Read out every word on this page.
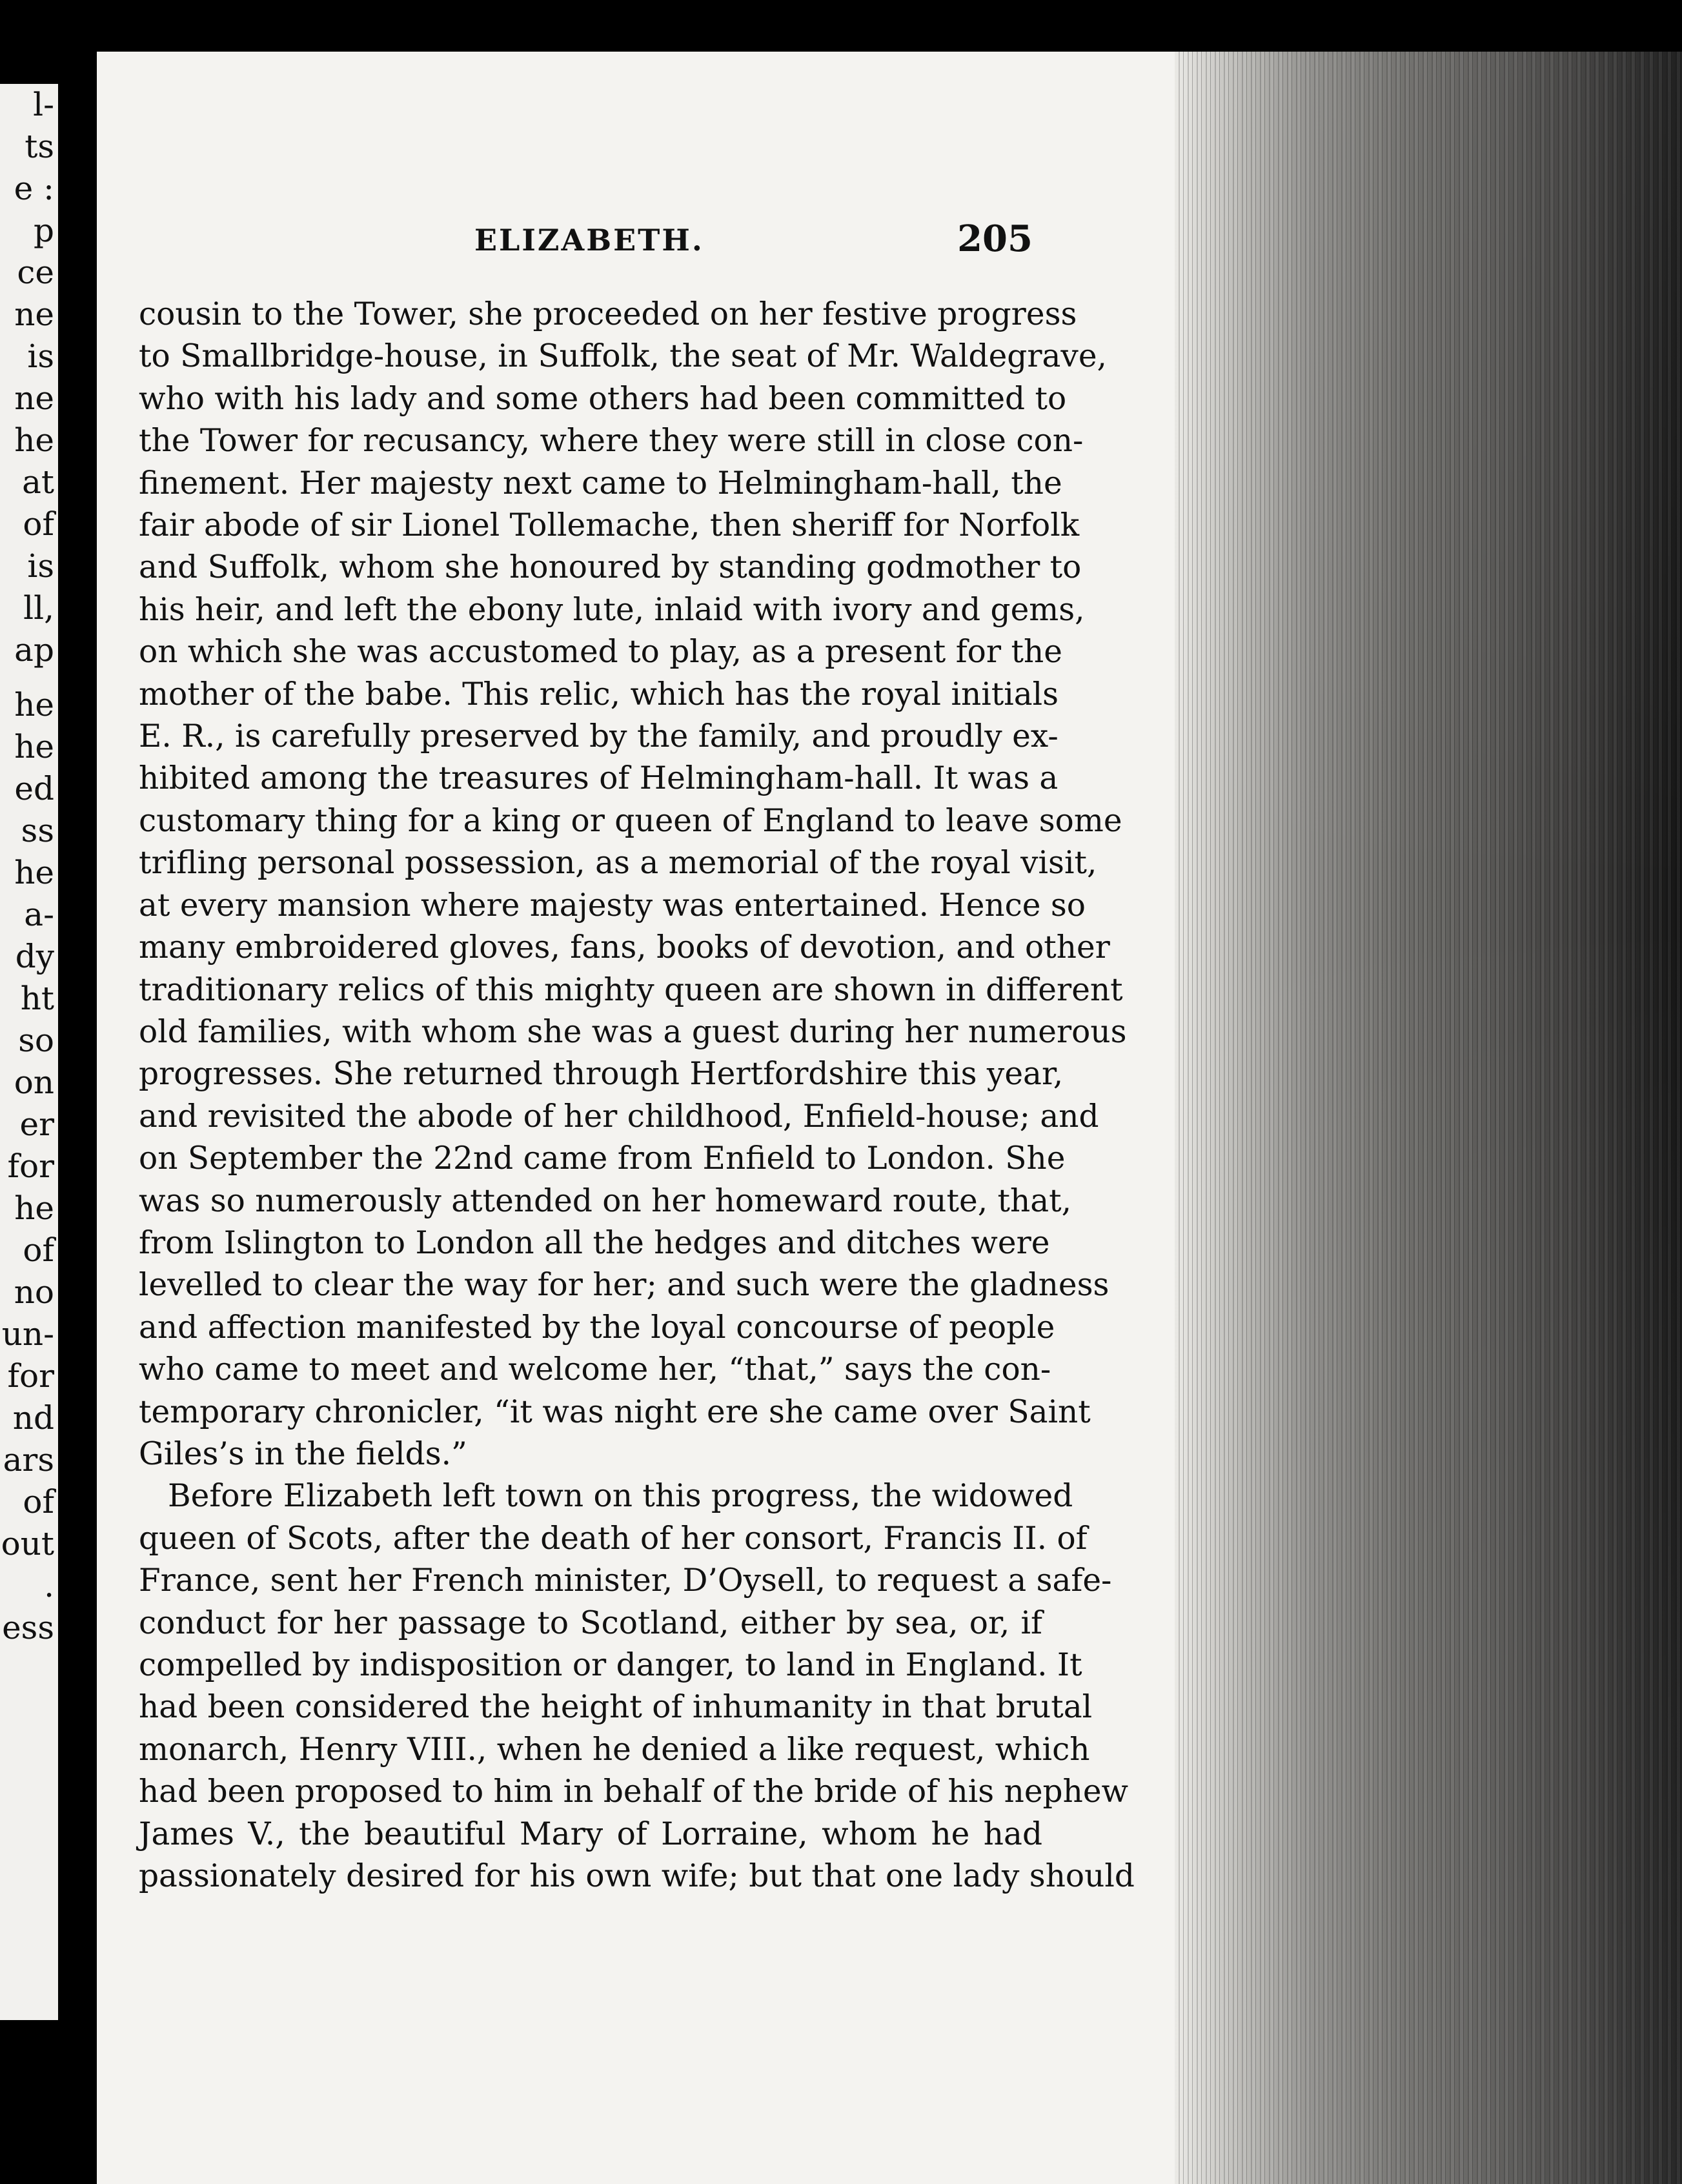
l-
ts
e :
p
ce
ne
is
ne
he
at
of
is
ll,
ap
he
he
ed
ss
he
a-
dy
ht
so
on
er
for
he
of
no
un-
for
nd
ars
of
out
.
ess
ELIZABETH.	205
cousin to the Tower, she proceeded on her festive progress
to Smallbridge-house, in Suffolk, the seat of Mr. Waldegrave,
who with his lady and some others had been committed to
the Tower for recusancy, where they were still in close con-
finement. Her majesty next came to Helmingham-hall, the
fair abode of sir Lionel Tollemache, then sheriff for Norfolk
and Suffolk, whom she honoured by standing godmother to
his heir, and left the ebony lute, inlaid with ivory and gems,
on which she was accustomed to play, as a present for the
mother of the babe. This relic, which has the royal initials
E. R., is carefully preserved by the family, and proudly ex-
hibited among the treasures of Helmingham-hall. It was a
customary thing for a king or queen of England to leave some
trifling personal possession, as a memorial of the royal visit,
at every mansion where majesty was entertained. Hence so
many embroidered gloves, fans, books of devotion, and other
traditionary relics of this mighty queen are shown in different
old families, with whom she was a guest during her numerous
progresses. She returned through Hertfordshire this year,
and revisited the abode of her childhood, Enfield-house; and
on September the 22nd came from Enfield to London. She
was so numerously attended on her homeward route, that,
from Islington to London all the hedges and ditches were
levelled to clear the way for her; and such were the gladness
and affection manifested by the loyal concourse of people
who came to meet and welcome her, “that,” says the con-
temporary chronicler, “it was night ere she came over Saint
Giles’s in the fields.”
Before Elizabeth left town on this progress, the widowed
queen of Scots, after the death of her consort, Francis II. of
France, sent her French minister, D’Oysell, to request a safe-
conduct for her passage to Scotland, either by sea, or, if
compelled by indisposition or danger, to land in England. It
had been considered the height of inhumanity in that brutal
monarch, Henry VIII., when he denied a like request, which
had been proposed to him in behalf of the bride of his nephew
James V., the beautiful Mary of Lorraine, whom he had
passionately desired for his own wife; but that one lady should
